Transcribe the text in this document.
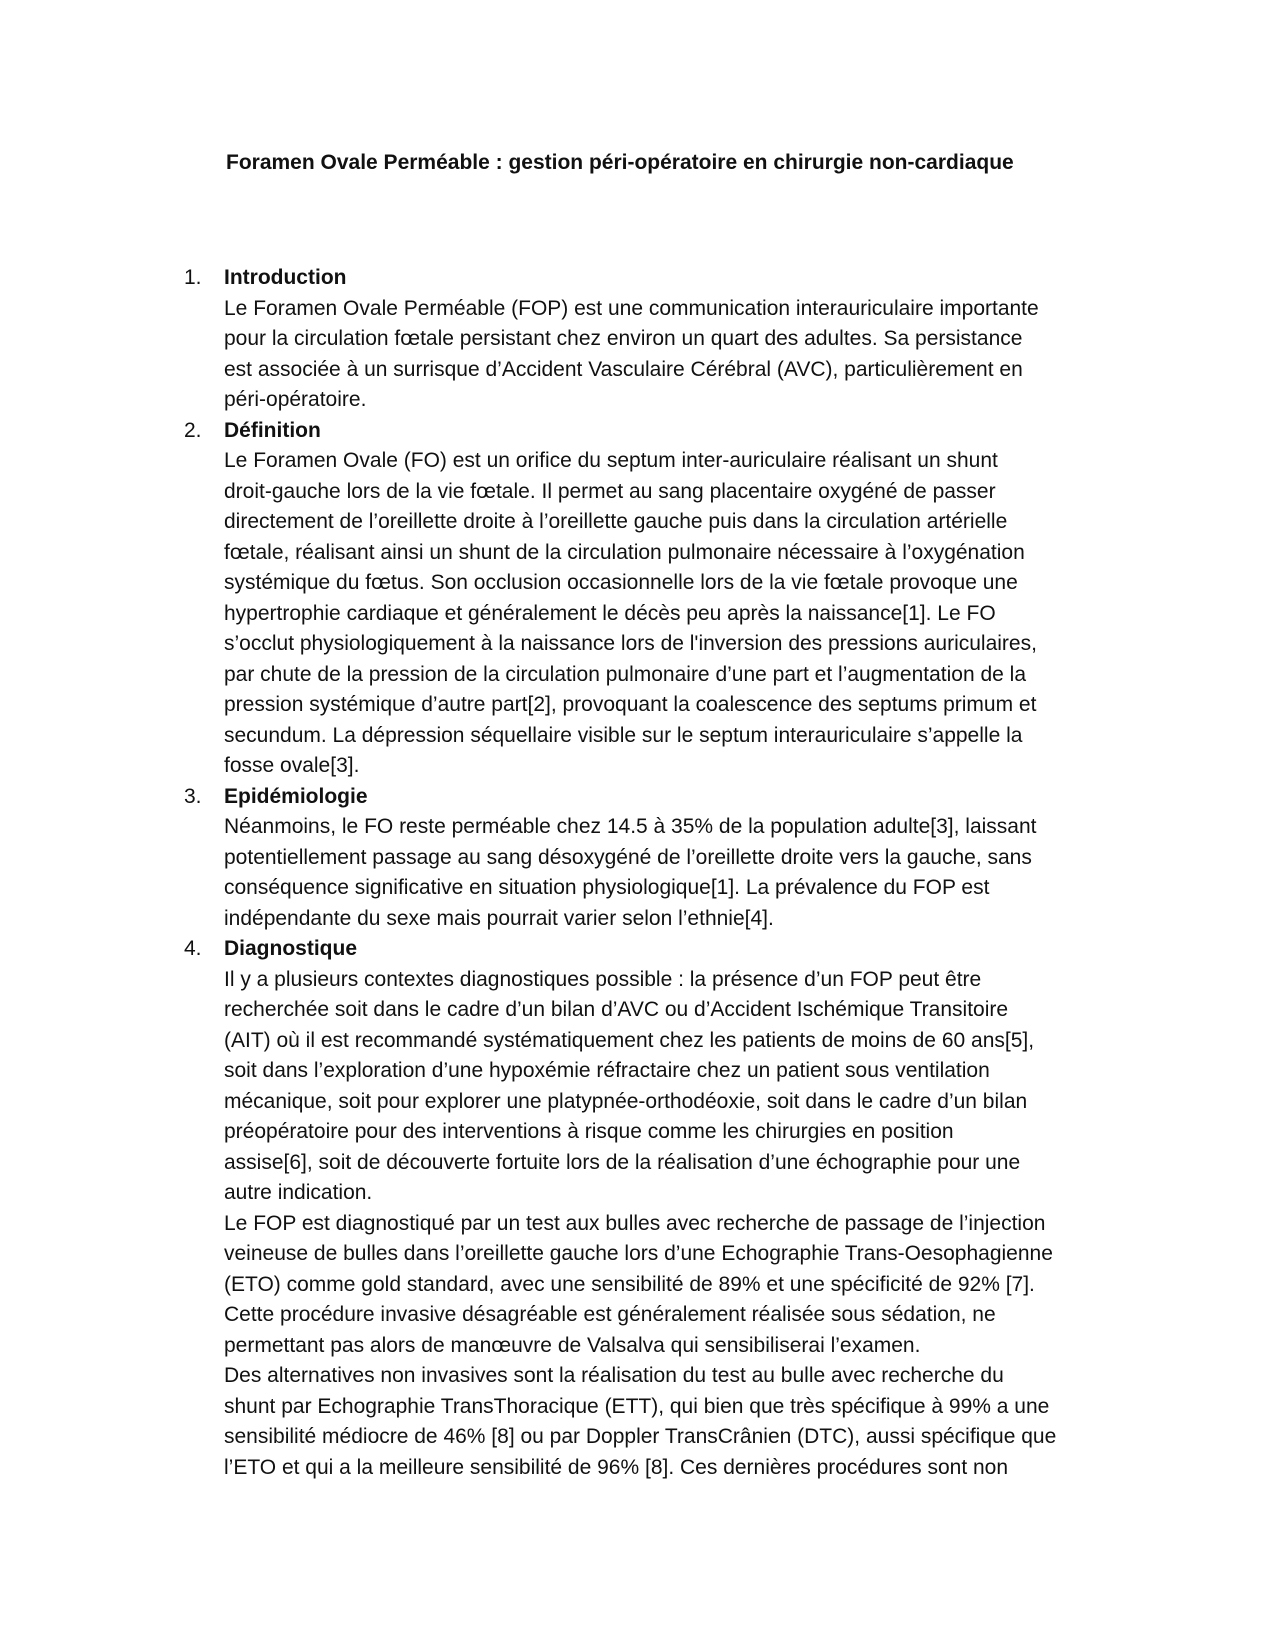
Foramen Ovale Perméable : gestion péri-opératoire en chirurgie non-cardiaque
1. Introduction

Le Foramen Ovale Perméable (FOP) est une communication interauriculaire importante
pour la circulation fœtale persistant chez environ un quart des adultes. Sa persistance
est associée à un surrisque d’Accident Vasculaire Cérébral (AVC), particulièrement en
péri-opératoire.

2. Définition

Le Foramen Ovale (FO) est un orifice du septum inter-auriculaire réalisant un shunt
droit-gauche lors de la vie fœtale. Il permet au sang placentaire oxygéné de passer
directement de l’oreillette droite à l’oreillette gauche puis dans la circulation artérielle
fœtale, réalisant ainsi un shunt de la circulation pulmonaire nécessaire à l’oxygénation
systémique du fœtus. Son occlusion occasionnelle lors de la vie fœtale provoque une
hypertrophie cardiaque et généralement le décès peu après la naissance[1]. Le FO
s’occlut physiologiquement à la naissance lors de l'inversion des pressions auriculaires,
par chute de la pression de la circulation pulmonaire d’une part et l’augmentation de la
pression systémique d’autre part[2], provoquant la coalescence des septums primum et
secundum. La dépression séquellaire visible sur le septum interauriculaire s’appelle la
fosse ovale[3].

3. Epidémiologie

Néanmoins, le FO reste perméable chez 14.5 à 35% de la population adulte[3], laissant
potentiellement passage au sang désoxygéné de l’oreillette droite vers la gauche, sans
conséquence significative en situation physiologique[1]. La prévalence du FOP est
indépendante du sexe mais pourrait varier selon l’ethnie[4].

4. Diagnostique

Il y a plusieurs contextes diagnostiques possible : la présence d’un FOP peut être
recherchée soit dans le cadre d’un bilan d’AVC ou d’Accident Ischémique Transitoire
(AIT) où il est recommandé systématiquement chez les patients de moins de 60 ans[5],
soit dans l’exploration d’une hypoxémie réfractaire chez un patient sous ventilation
mécanique, soit pour explorer une platypnée-orthodéoxie, soit dans le cadre d’un bilan
préopératoire pour des interventions à risque comme les chirurgies en position
assise[6], soit de découverte fortuite lors de la réalisation d’une échographie pour une
autre indication.

Le FOP est diagnostiqué par un test aux bulles avec recherche de passage de l’injection
veineuse de bulles dans l’oreillette gauche lors d’une Echographie Trans-Oesophagienne
(ETO) comme gold standard, avec une sensibilité de 89% et une spécificité de 92% [7].
Cette procédure invasive désagréable est généralement réalisée sous sédation, ne
permettant pas alors de manœuvre de Valsalva qui sensibiliserai l’examen.

Des alternatives non invasives sont la réalisation du test au bulle avec recherche du
shunt par Echographie TransThoracique (ETT), qui bien que très spécifique à 99% a une
sensibilité médiocre de 46% [8] ou par Doppler TransCrânien (DTC), aussi spécifique que
l’ETO et qui a la meilleure sensibilité de 96% [8]. Ces dernières procédures sont non
